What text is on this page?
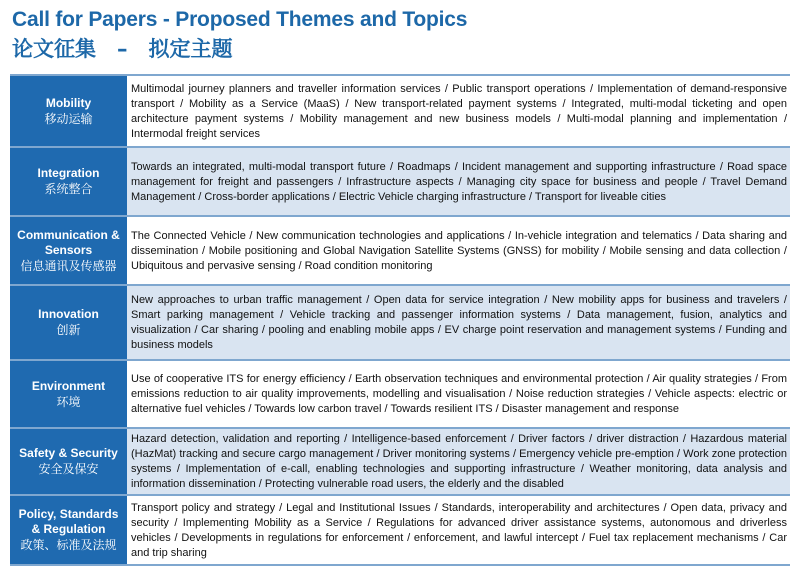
Call for Papers - Proposed Themes and Topics
论文征集　–　拟定主题
Mobility
移动运输
Multimodal journey planners and traveller information services / Public transport operations / Implementation of demand-responsive transport / Mobility as a Service (MaaS) / New transport-related payment systems / Integrated, multi-modal ticketing and open architecture payment systems / Mobility management and new business models / Multi-modal planning and implementation / Intermodal freight services
Integration
系统整合
Towards an integrated, multi-modal transport future / Roadmaps / Incident management and supporting infrastructure / Road space management for freight and passengers / Infrastructure aspects / Managing city space for business and people / Travel Demand Management / Cross-border applications / Electric Vehicle charging infrastructure / Transport for liveable cities
Communication & Sensors
信息通讯及传感器
The Connected Vehicle / New communication technologies and applications / In-vehicle integration and telematics / Data sharing and dissemination / Mobile positioning and Global Navigation Satellite Systems (GNSS) for mobility / Mobile sensing and data collection / Ubiquitous and pervasive sensing / Road condition monitoring
Innovation
创新
New approaches to urban traffic management / Open data for service integration / New mobility apps for business and travelers / Smart parking management / Vehicle tracking and passenger information systems / Data management, fusion, analytics and visualization / Car sharing / pooling and enabling mobile apps / EV charge point reservation and management systems / Funding and business models
Environment
环境
Use of cooperative ITS for energy efficiency / Earth observation techniques and environmental protection / Air quality strategies / From emissions reduction to air quality improvements, modelling and visualisation / Noise reduction strategies / Vehicle aspects: electric or alternative fuel vehicles / Towards low carbon travel / Towards resilient ITS / Disaster management and response
Safety & Security
安全及保安
Hazard detection, validation and reporting / Intelligence-based enforcement / Driver factors / driver distraction / Hazardous material (HazMat) tracking and secure cargo management / Driver monitoring systems / Emergency vehicle pre-emption / Work zone protection systems / Implementation of e-call, enabling technologies and supporting infrastructure / Weather monitoring, data analysis and information dissemination / Protecting vulnerable road users, the elderly and the disabled
Policy, Standards & Regulation
政策、标准及法规
Transport policy and strategy / Legal and Institutional Issues / Standards, interoperability and architectures / Open data, privacy and security / Implementing Mobility as a Service / Regulations for advanced driver assistance systems, autonomous and driverless vehicles / Developments in regulations for enforcement / enforcement, and lawful intercept / Fuel tax replacement mechanisms / Car and trip sharing
